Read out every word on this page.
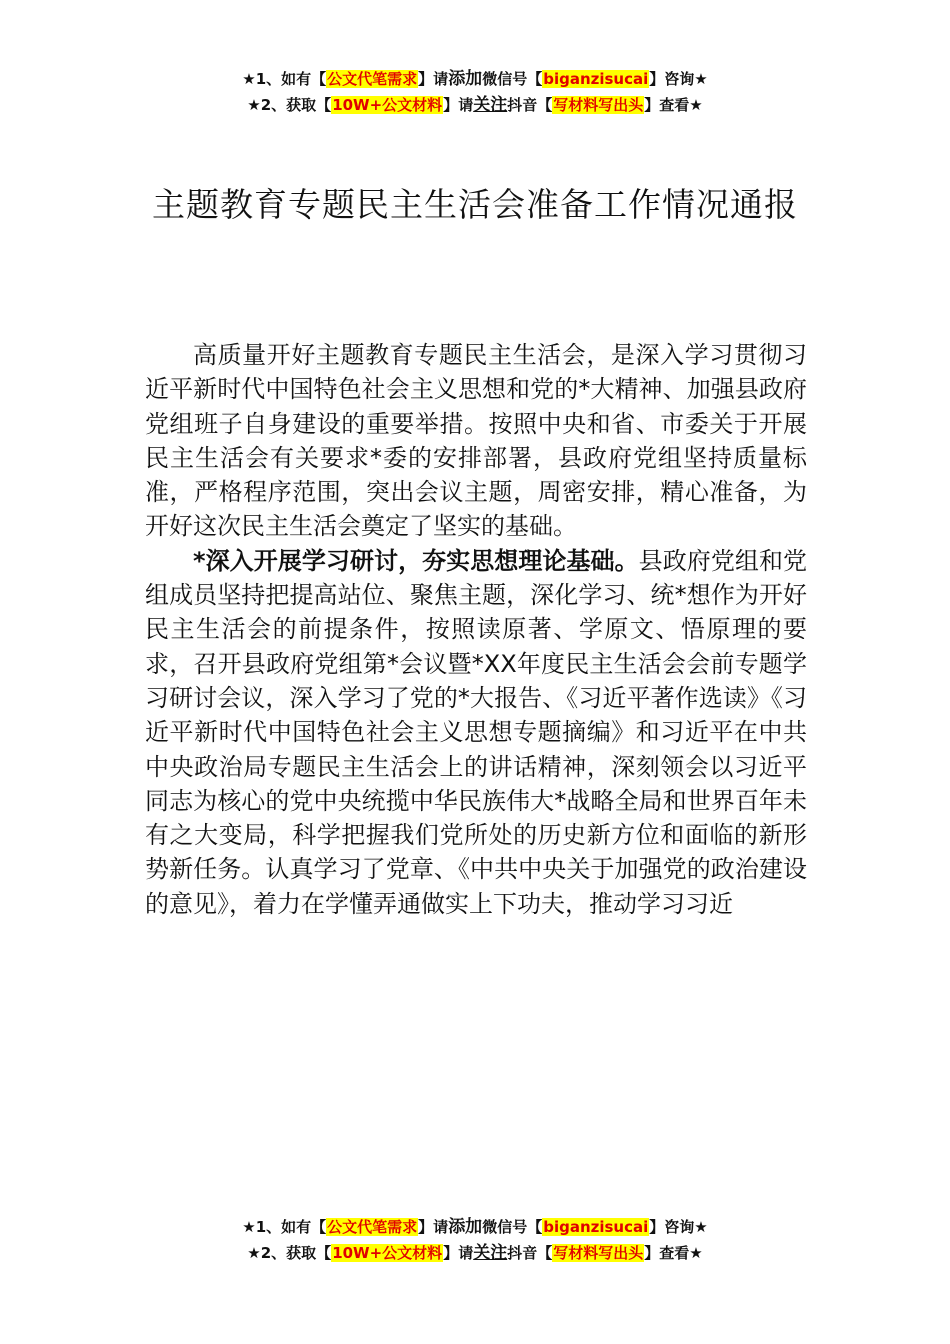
★1、如有【公文代笔需求】请添加微信号【biganzisucai】咨询★
★2、获取【10W+公文材料】请关注抖音【写材料写出头】查看★
主题教育专题民主生活会准备工作情况通报

高质量开好主题教育专题民主生活会，是深入学习贯彻习近平新时代中国特色社会主义思想和党的*大精神、加强县政府党组班子自身建设的重要举措。按照中央和省、市委关于开展民主生活会有关要求*委的安排部署，县政府党组坚持质量标准，严格程序范围，突出会议主题，周密安排，精心准备，为开好这次民主生活会奠定了坚实的基础。

*深入开展学习研讨，夯实思想理论基础。县政府党组和党组成员坚持把提高站位、聚焦主题，深化学习、统*想作为开好民主生活会的前提条件，按照读原著、学原文、悟原理的要求，召开县政府党组第*会议暨*XX年度民主生活会会前专题学习研讨会议，深入学习了党的*大报告、《习近平著作选读》《习近平新时代中国特色社会主义思想专题摘编》和习近平在中共中央政治局专题民主生活会上的讲话精神，深刻领会以习近平同志为核心的党中央统揽中华民族伟大*战略全局和世界百年未有之大变局，科学把握我们党所处的历史新方位和面临的新形势新任务。认真学习了党章、《中共中央关于加强党的政治建设的意见》，着力在学懂弄通做实上下功夫，推动学习习近

★1、如有【公文代笔需求】请添加微信号【biganzisucai】咨询★
★2、获取【10W+公文材料】请关注抖音【写材料写出头】查看★
